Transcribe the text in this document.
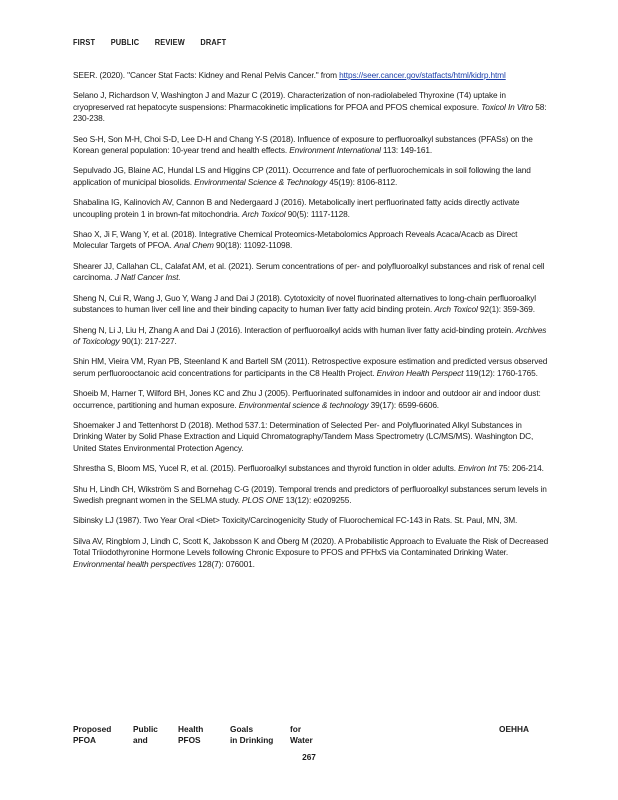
FIRST PUBLIC REVIEW DRAFT

SEER. (2020). "Cancer Stat Facts: Kidney and Renal Pelvis Cancer." from https://seer.cancer.gov/statfacts/html/kidrp.html

Selano J, Richardson V, Washington J and Mazur C (2019). Characterization of non-radiolabeled Thyroxine (T4) uptake in cryopreserved rat hepatocyte suspensions: Pharmacokinetic implications for PFOA and PFOS chemical exposure. Toxicol In Vitro 58: 230-238.

Seo S-H, Son M-H, Choi S-D, Lee D-H and Chang Y-S (2018). Influence of exposure to perfluoroalkyl substances (PFASs) on the Korean general population: 10-year trend and health effects. Environment International 113: 149-161.

Sepulvado JG, Blaine AC, Hundal LS and Higgins CP (2011). Occurrence and fate of perfluorochemicals in soil following the land application of municipal biosolids. Environmental Science & Technology 45(19): 8106-8112.

Shabalina IG, Kalinovich AV, Cannon B and Nedergaard J (2016). Metabolically inert perfluorinated fatty acids directly activate uncoupling protein 1 in brown-fat mitochondria. Arch Toxicol 90(5): 1117-1128.

Shao X, Ji F, Wang Y, et al. (2018). Integrative Chemical Proteomics-Metabolomics Approach Reveals Acaca/Acacb as Direct Molecular Targets of PFOA. Anal Chem 90(18): 11092-11098.

Shearer JJ, Callahan CL, Calafat AM, et al. (2021). Serum concentrations of per- and polyfluoroalkyl substances and risk of renal cell carcinoma. J Natl Cancer Inst.

Sheng N, Cui R, Wang J, Guo Y, Wang J and Dai J (2018). Cytotoxicity of novel fluorinated alternatives to long-chain perfluoroalkyl substances to human liver cell line and their binding capacity to human liver fatty acid binding protein. Arch Toxicol 92(1): 359-369.

Sheng N, Li J, Liu H, Zhang A and Dai J (2016). Interaction of perfluoroalkyl acids with human liver fatty acid-binding protein. Archives of Toxicology 90(1): 217-227.

Shin HM, Vieira VM, Ryan PB, Steenland K and Bartell SM (2011). Retrospective exposure estimation and predicted versus observed serum perfluorooctanoic acid concentrations for participants in the C8 Health Project. Environ Health Perspect 119(12): 1760-1765.

Shoeib M, Harner T, Wilford BH, Jones KC and Zhu J (2005). Perfluorinated sulfonamides in indoor and outdoor air and indoor dust: occurrence, partitioning and human exposure. Environmental science & technology 39(17): 6599-6606.

Shoemaker J and Tettenhorst D (2018). Method 537.1: Determination of Selected Per- and Polyfluorinated Alkyl Substances in Drinking Water by Solid Phase Extraction and Liquid Chromatography/Tandem Mass Spectrometry (LC/MS/MS). Washington DC, United States Environmental Protection Agency.

Shrestha S, Bloom MS, Yucel R, et al. (2015). Perfluoroalkyl substances and thyroid function in older adults. Environ Int 75: 206-214.

Shu H, Lindh CH, Wikström S and Bornehag C-G (2019). Temporal trends and predictors of perfluoroalkyl substances serum levels in Swedish pregnant women in the SELMA study. PLOS ONE 13(12): e0209255.

Sibinsky LJ (1987). Two Year Oral <Diet> Toxicity/Carcinogenicity Study of Fluorochemical FC-143 in Rats. St. Paul, MN, 3M.

Silva AV, Ringblom J, Lindh C, Scott K, Jakobsson K and Öberg M (2020). A Probabilistic Approach to Evaluate the Risk of Decreased Total Triiodothyronine Hormone Levels following Chronic Exposure to PFOS and PFHxS via Contaminated Drinking Water. Environmental health perspectives 128(7): 076001.

Proposed	Public	Health	Goals	for
PFOA	and	PFOS	in Drinking	Water
OEHHA
267
